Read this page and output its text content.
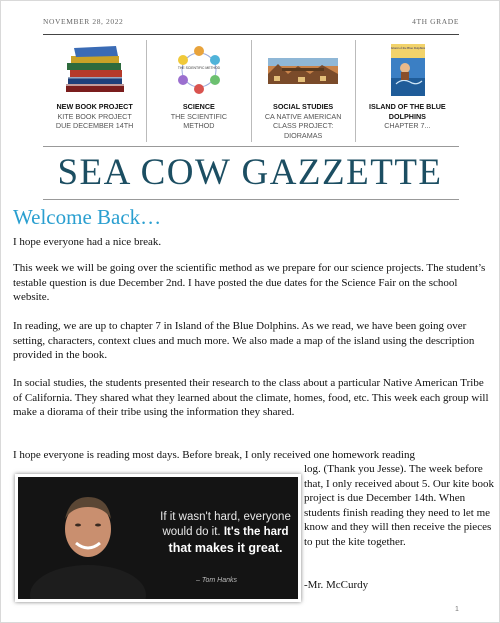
NOVEMBER 28, 2022	4TH GRADE
NEW BOOK PROJECT
KITE BOOK PROJECT
DUE DECEMBER 14TH
THE SCIENTIFIC METHOD
SCIENCE
THE SCIENTIFIC
METHOD
SOCIAL STUDIES
CA NATIVE AMERICAN
CLASS PROJECT:
DIORAMAS
Island of the Blue Dolphins
ISLAND OF THE BLUE
DOLPHINS
CHAPTER 7...
SEA COW GAZZETTE
Welcome Back…

I hope everyone had a nice break.

This week we will be going over the scientific method as we prepare for our science projects. The student’s testable question is due December 2nd. I have posted the due dates for the Science Fair on the school website.

In reading, we are up to chapter 7 in Island of the Blue Dolphins. As we read, we have been going over setting, characters, context clues and much more. We also made a map of the island using the description provided in the book.

In social studies, the students presented their research to the class about a particular Native American Tribe of California. They shared what they learned about the climate, homes, food, etc. This week each group will make a diorama of their tribe using the information they shared.

I hope everyone is reading most days. Before break, I only received one homework reading

If it wasn't hard, everyone
would do it. It's the hard
that makes it great.
– Tom Hanks

log. (Thank you Jesse). The week before that, I only received about 5. Our kite book project is due December 14th. When students finish reading they need to let me know and they will then receive the pieces to put the kite together.

-Mr. McCurdy
1
